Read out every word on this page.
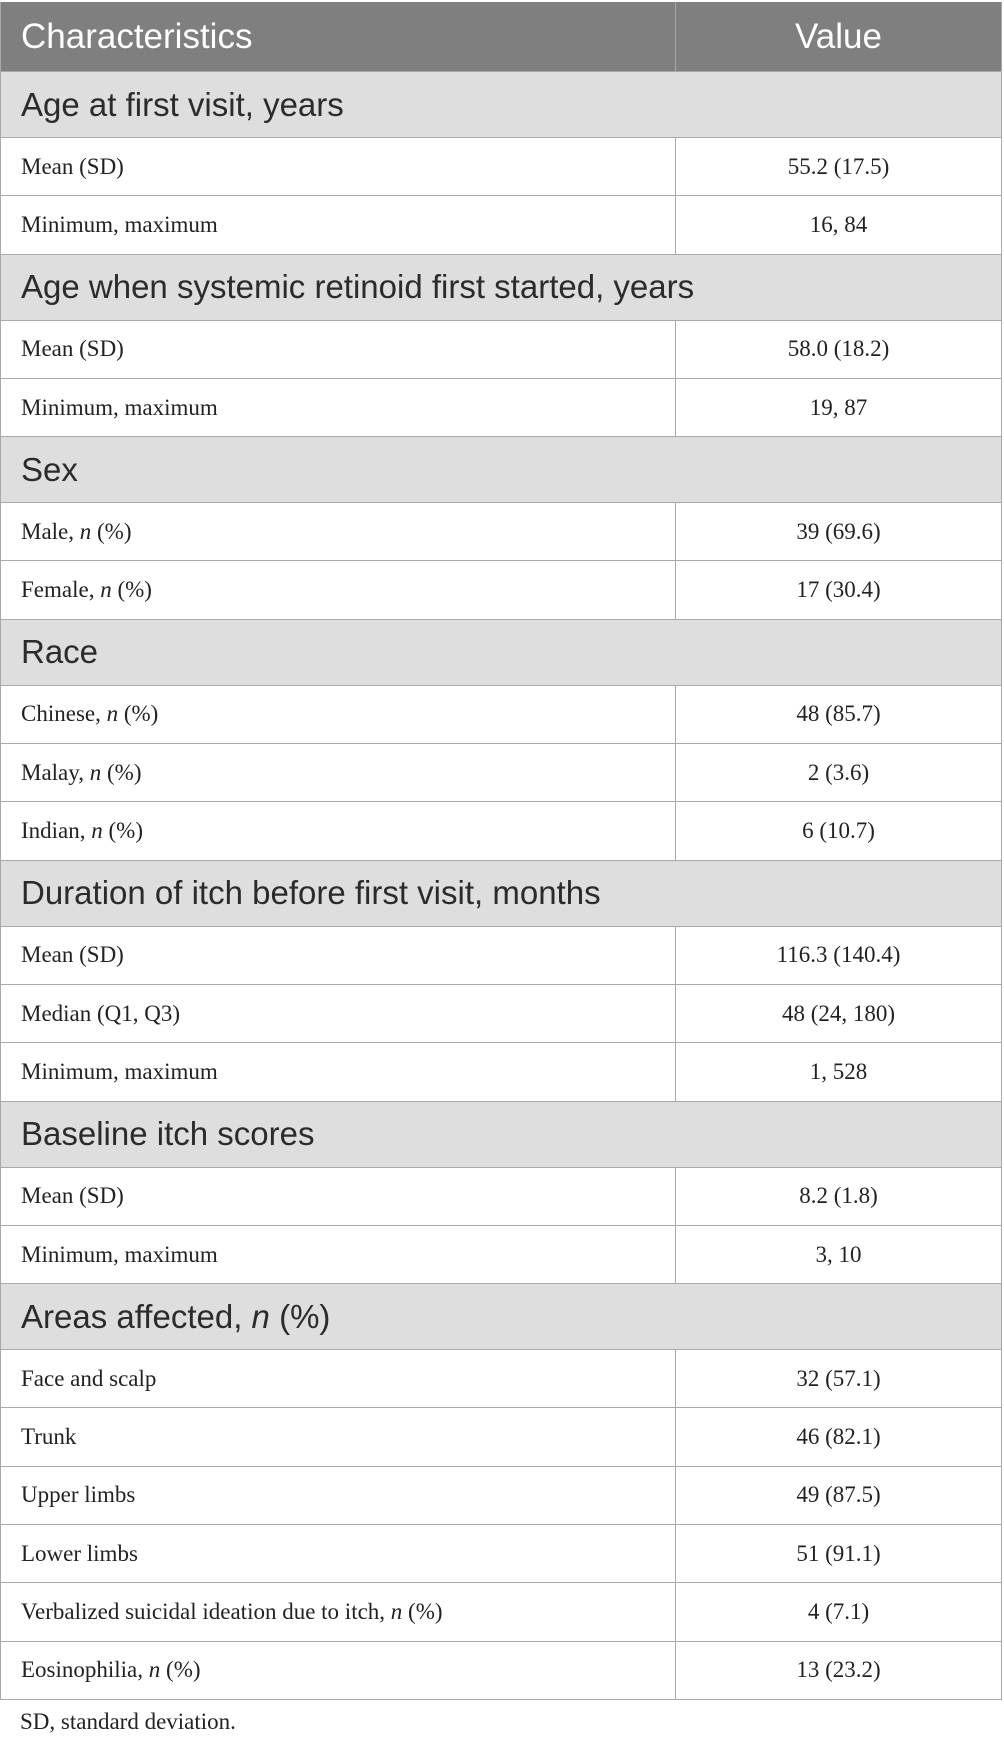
Characteristics	Value
Age at first visit, years
Mean (SD)	55.2 (17.5)
Minimum, maximum	16, 84
Age when systemic retinoid first started, years
Mean (SD)	58.0 (18.2)
Minimum, maximum	19, 87
Sex
Male, n (%)	39 (69.6)
Female, n (%)	17 (30.4)
Race
Chinese, n (%)	48 (85.7)
Malay, n (%)	2 (3.6)
Indian, n (%)	6 (10.7)
Duration of itch before first visit, months
Mean (SD)	116.3 (140.4)
Median (Q1, Q3)	48 (24, 180)
Minimum, maximum	1, 528
Baseline itch scores
Mean (SD)	8.2 (1.8)
Minimum, maximum	3, 10
Areas affected, n (%)
Face and scalp	32 (57.1)
Trunk	46 (82.1)
Upper limbs	49 (87.5)
Lower limbs	51 (91.1)
Verbalized suicidal ideation due to itch, n (%)	4 (7.1)
Eosinophilia, n (%)	13 (23.2)
SD, standard deviation.
